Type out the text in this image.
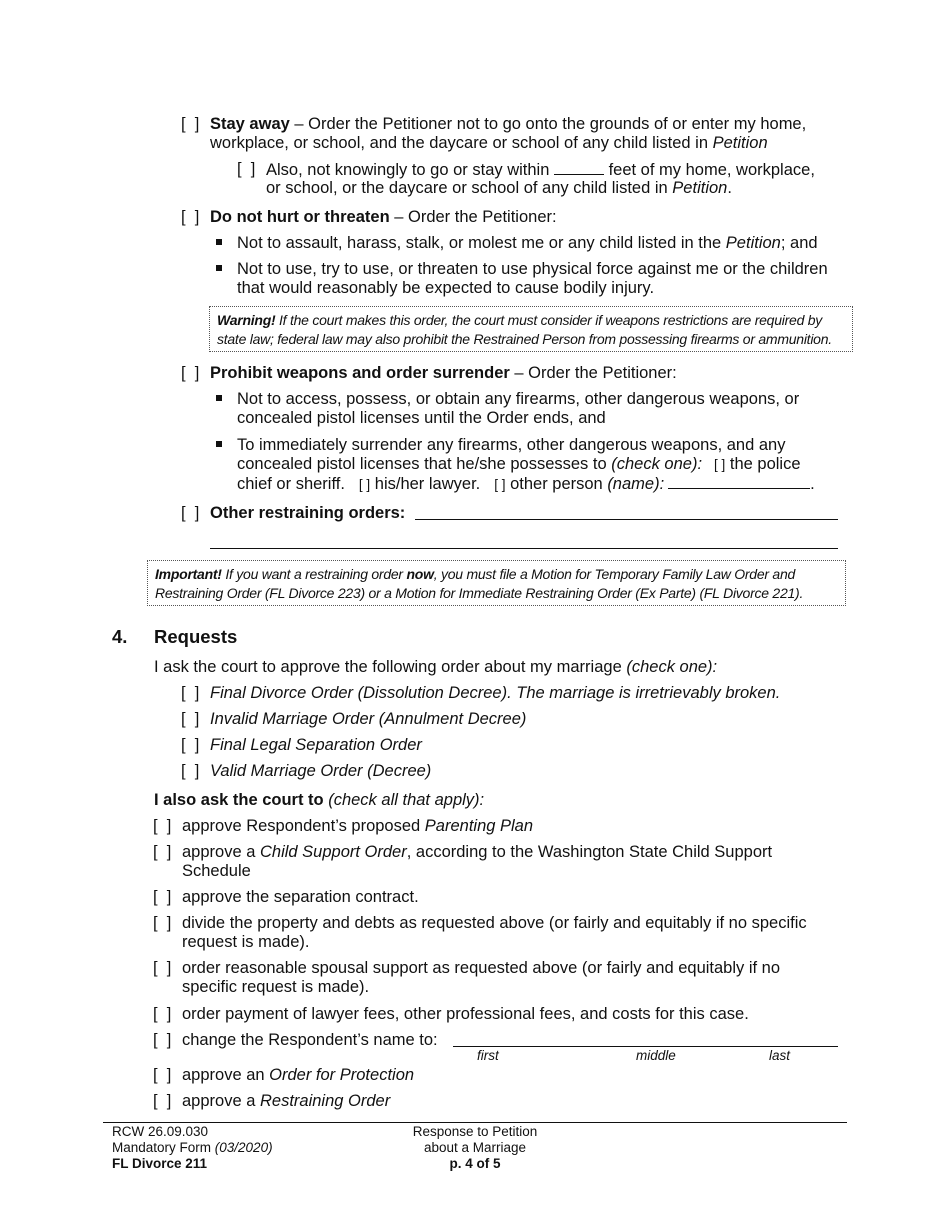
[  ] Stay away – Order the Petitioner not to go onto the grounds of or enter my home,
workplace, or school, and the daycare or school of any child listed in Petition
[  ] Also, not knowingly to go or stay within	feet of my home, workplace,
or school, or the daycare or school of any child listed in Petition.
[  ] Do not hurt or threaten – Order the Petitioner:
Not to assault, harass, stalk, or molest me or any child listed in the Petition; and
Not to use, try to use, or threaten to use physical force against me or the children
that would reasonably be expected to cause bodily injury.
Warning! If the court makes this order, the court must consider if weapons restrictions are required by
state law; federal law may also prohibit the Restrained Person from possessing firearms or ammunition.
[  ] Prohibit weapons and order surrender – Order the Petitioner:
Not to access, possess, or obtain any firearms, other dangerous weapons, or
concealed pistol licenses until the Order ends, and
To immediately surrender any firearms, other dangerous weapons, and any
concealed pistol licenses that he/she possesses to (check one): [ ] the police
chief or sheriff. [ ] his/her lawyer. [ ] other person (name):	.
[  ] Other restraining orders:
Important! If you want a restraining order now, you must file a Motion for Temporary Family Law Order and
Restraining Order (FL Divorce 223) or a Motion for Immediate Restraining Order (Ex Parte) (FL Divorce 221).
4. Requests
I ask the court to approve the following order about my marriage (check one):
[  ] Final Divorce Order (Dissolution Decree). The marriage is irretrievably broken.
[  ] Invalid Marriage Order (Annulment Decree)
[  ] Final Legal Separation Order
[  ] Valid Marriage Order (Decree)
I also ask the court to (check all that apply):
[  ] approve Respondent’s proposed Parenting Plan
[  ] approve a Child Support Order, according to the Washington State Child Support
Schedule
[  ] approve the separation contract.
[  ] divide the property and debts as requested above (or fairly and equitably if no specific
request is made).
[  ] order reasonable spousal support as requested above (or fairly and equitably if no
specific request is made).
[  ] order payment of lawyer fees, other professional fees, and costs for this case.
[  ] change the Respondent’s name to:
first	middle	last
[  ] approve an Order for Protection
[  ] approve a Restraining Order
RCW 26.09.030
Mandatory Form (03/2020)
FL Divorce 211
Response to Petition
about a Marriage
p. 4 of 5
